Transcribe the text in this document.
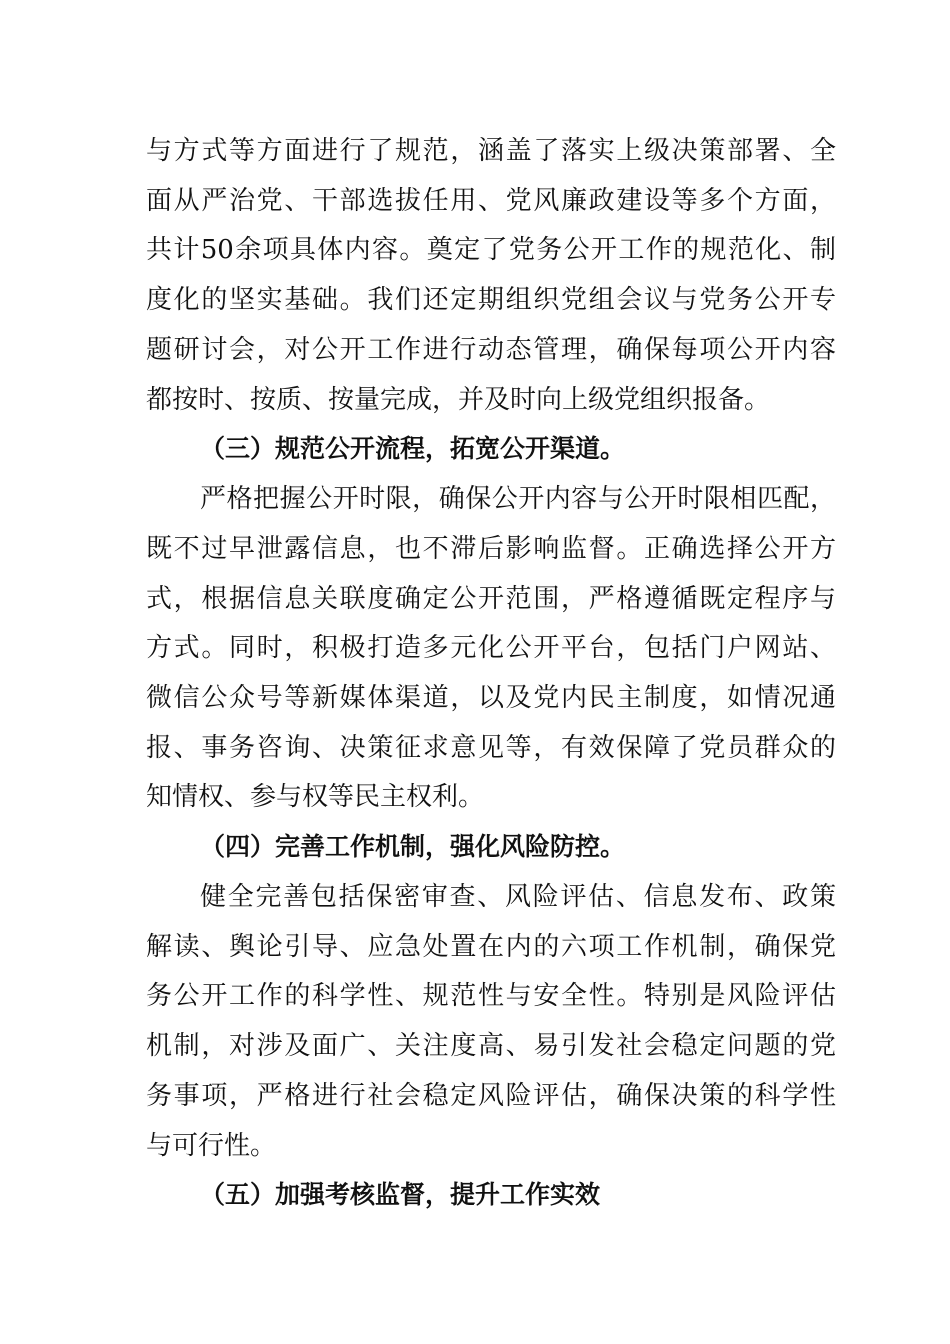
与方式等方面进行了规范，涵盖了落实上级决策部署、全
面从严治党、干部选拔任用、党风廉政建设等多个方面，
共计50余项具体内容。奠定了党务公开工作的规范化、制
度化的坚实基础。我们还定期组织党组会议与党务公开专
题研讨会，对公开工作进行动态管理，确保每项公开内容
都按时、按质、按量完成，并及时向上级党组织报备。
（三）规范公开流程，拓宽公开渠道。
严格把握公开时限，确保公开内容与公开时限相匹配，
既不过早泄露信息，也不滞后影响监督。正确选择公开方
式，根据信息关联度确定公开范围，严格遵循既定程序与
方式。同时，积极打造多元化公开平台，包括门户网站、
微信公众号等新媒体渠道，以及党内民主制度，如情况通
报、事务咨询、决策征求意见等，有效保障了党员群众的
知情权、参与权等民主权利。
（四）完善工作机制，强化风险防控。
健全完善包括保密审查、风险评估、信息发布、政策
解读、舆论引导、应急处置在内的六项工作机制，确保党
务公开工作的科学性、规范性与安全性。特别是风险评估
机制，对涉及面广、关注度高、易引发社会稳定问题的党
务事项，严格进行社会稳定风险评估，确保决策的科学性
与可行性。
（五）加强考核监督，提升工作实效
